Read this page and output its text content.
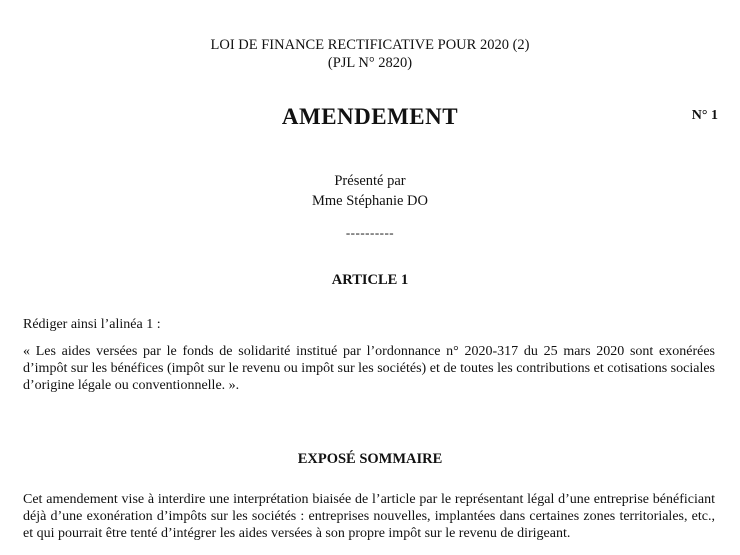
LOI DE FINANCE RECTIFICATIVE POUR 2020 (2)
(PJL N° 2820)
AMENDEMENT	N° 1
Présenté par
Mme Stéphanie DO
----------
ARTICLE 1

Rédiger ainsi l’alinéa 1 :

« Les aides versées par le fonds de solidarité institué par l’ordonnance n° 2020-317 du 25 mars 2020 sont exonérées d’impôt sur les bénéfices (impôt sur le revenu ou impôt sur les sociétés) et de toutes les contributions et cotisations sociales d’origine légale ou conventionnelle. ».

EXPOSÉ SOMMAIRE

Cet amendement vise à interdire une interprétation biaisée de l’article par le représentant légal d’une entreprise bénéficiant déjà d’une exonération d’impôts sur les sociétés : entreprises nouvelles, implantées dans certaines zones territoriales, etc., et qui pourrait être tenté d’intégrer les aides versées à son propre impôt sur le revenu de dirigeant.
